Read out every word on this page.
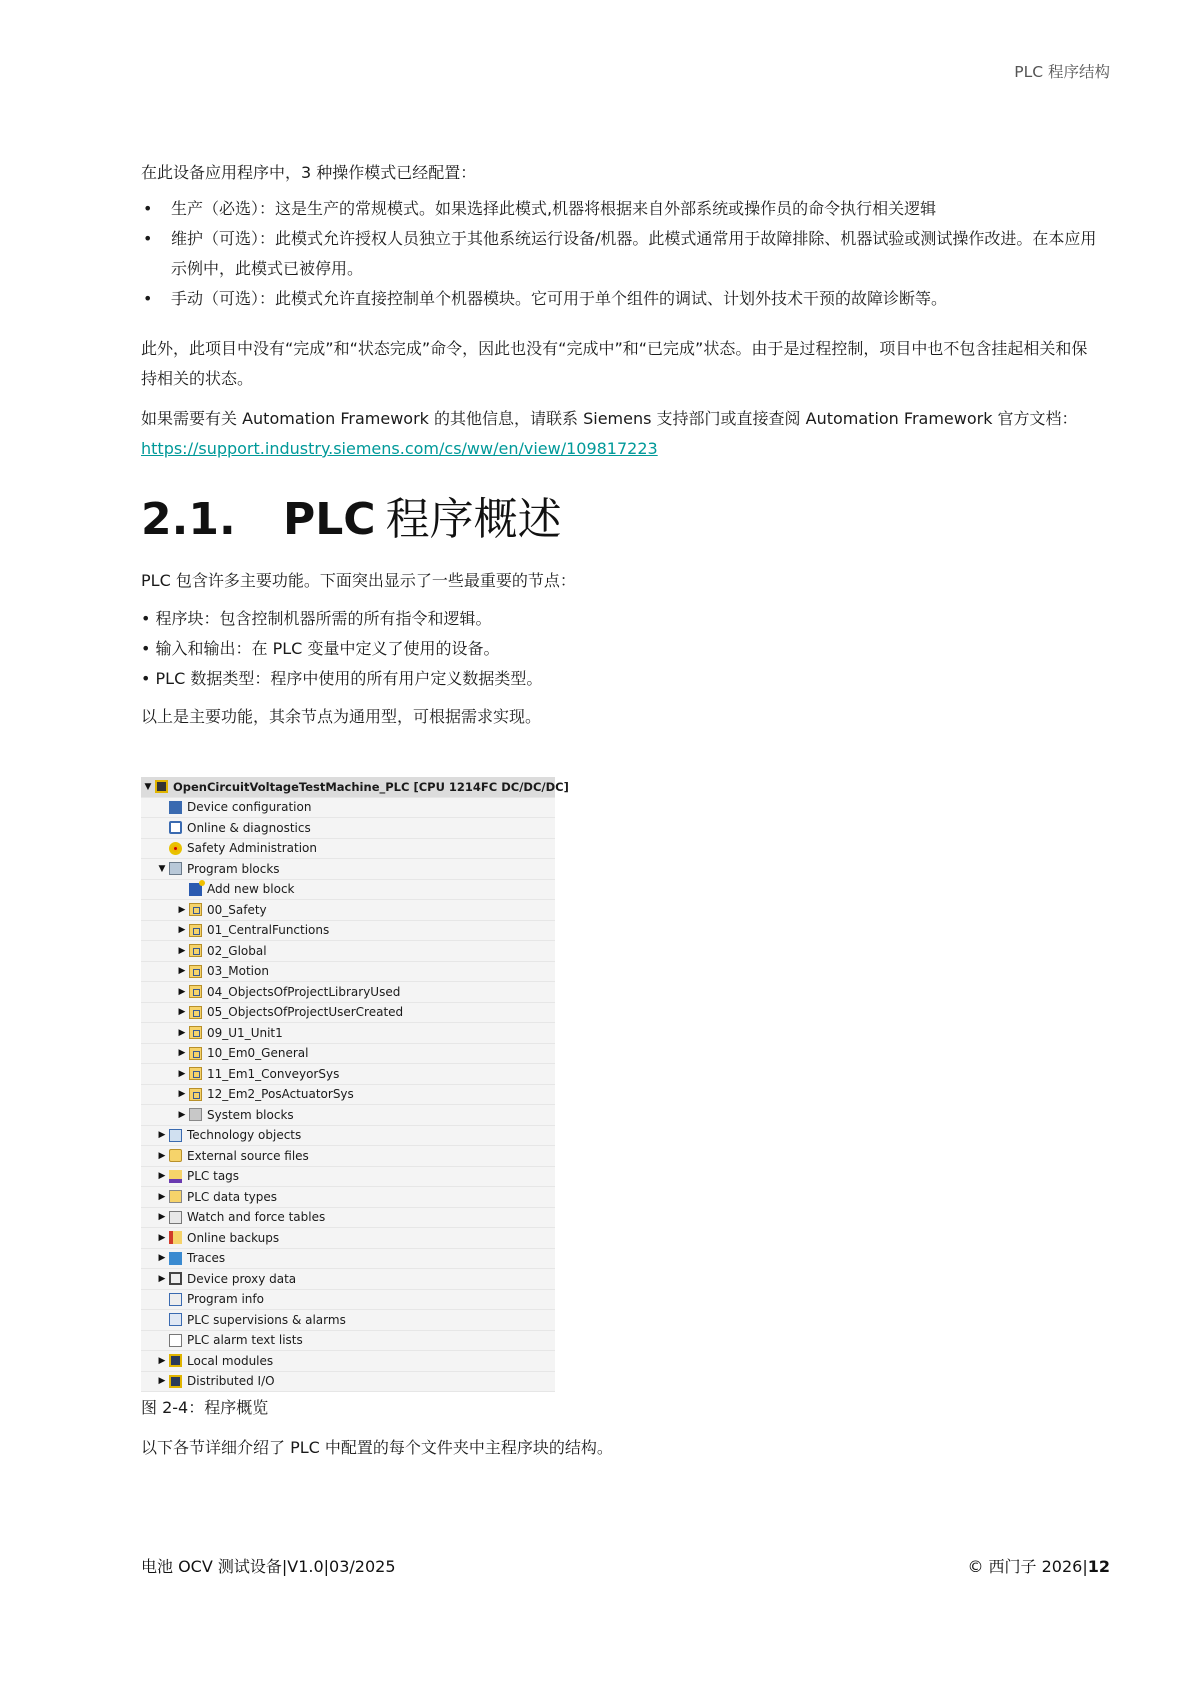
PLC 程序结构

在此设备应用程序中，3 种操作模式已经配置：

• 生产（必选）：这是生产的常规模式。如果选择此模式,机器将根据来自外部系统或操作员的命令执行相关逻辑
• 维护（可选）：此模式允许授权人员独立于其他系统运行设备/机器。此模式通常用于故障排除、机器试验或测试操作改进。在本应用示例中，此模式已被停用。
• 手动（可选）：此模式允许直接控制单个机器模块。它可用于单个组件的调试、计划外技术干预的故障诊断等。

此外，此项目中没有“完成”和“状态完成”命令，因此也没有“完成中”和“已完成”状态。由于是过程控制，项目中也不包含挂起相关和保持相关的状态。

如果需要有关 Automation Framework 的其他信息，请联系 Siemens 支持部门或直接查阅 Automation Framework 官方文档：https://support.industry.siemens.com/cs/ww/en/view/109817223

2.1.	PLC 程序概述

PLC 包含许多主要功能。下面突出显示了一些最重要的节点：

• 程序块：包含控制机器所需的所有指令和逻辑。
• 输入和输出：在 PLC 变量中定义了使用的设备。
• PLC 数据类型：程序中使用的所有用户定义数据类型。

以上是主要功能，其余节点为通用型，可根据需求实现。

▼	OpenCircuitVoltageTestMachine_PLC [CPU 1214FC DC/DC/DC]
Device configuration
Online & diagnostics
Safety Administration
▼ Program blocks
Add new block
▶ 00_Safety
▶ 01_CentralFunctions
▶ 02_Global
▶ 03_Motion
▶ 04_ObjectsOfProjectLibraryUsed
▶ 05_ObjectsOfProjectUserCreated
▶ 09_U1_Unit1
▶ 10_Em0_General
▶ 11_Em1_ConveyorSys
▶ 12_Em2_PosActuatorSys
▶ System blocks
▶ Technology objects
▶ External source files
▶ PLC tags
▶ PLC data types
▶ Watch and force tables
▶ Online backups
▶ Traces
▶ Device proxy data
Program info
PLC supervisions & alarms
PLC alarm text lists
▶ Local modules
▶ Distributed I/O

图 2-4：程序概览

以下各节详细介绍了 PLC 中配置的每个文件夹中主程序块的结构。

电池 OCV 测试设备|V1.0|03/2025	© 西门子 2026|12
